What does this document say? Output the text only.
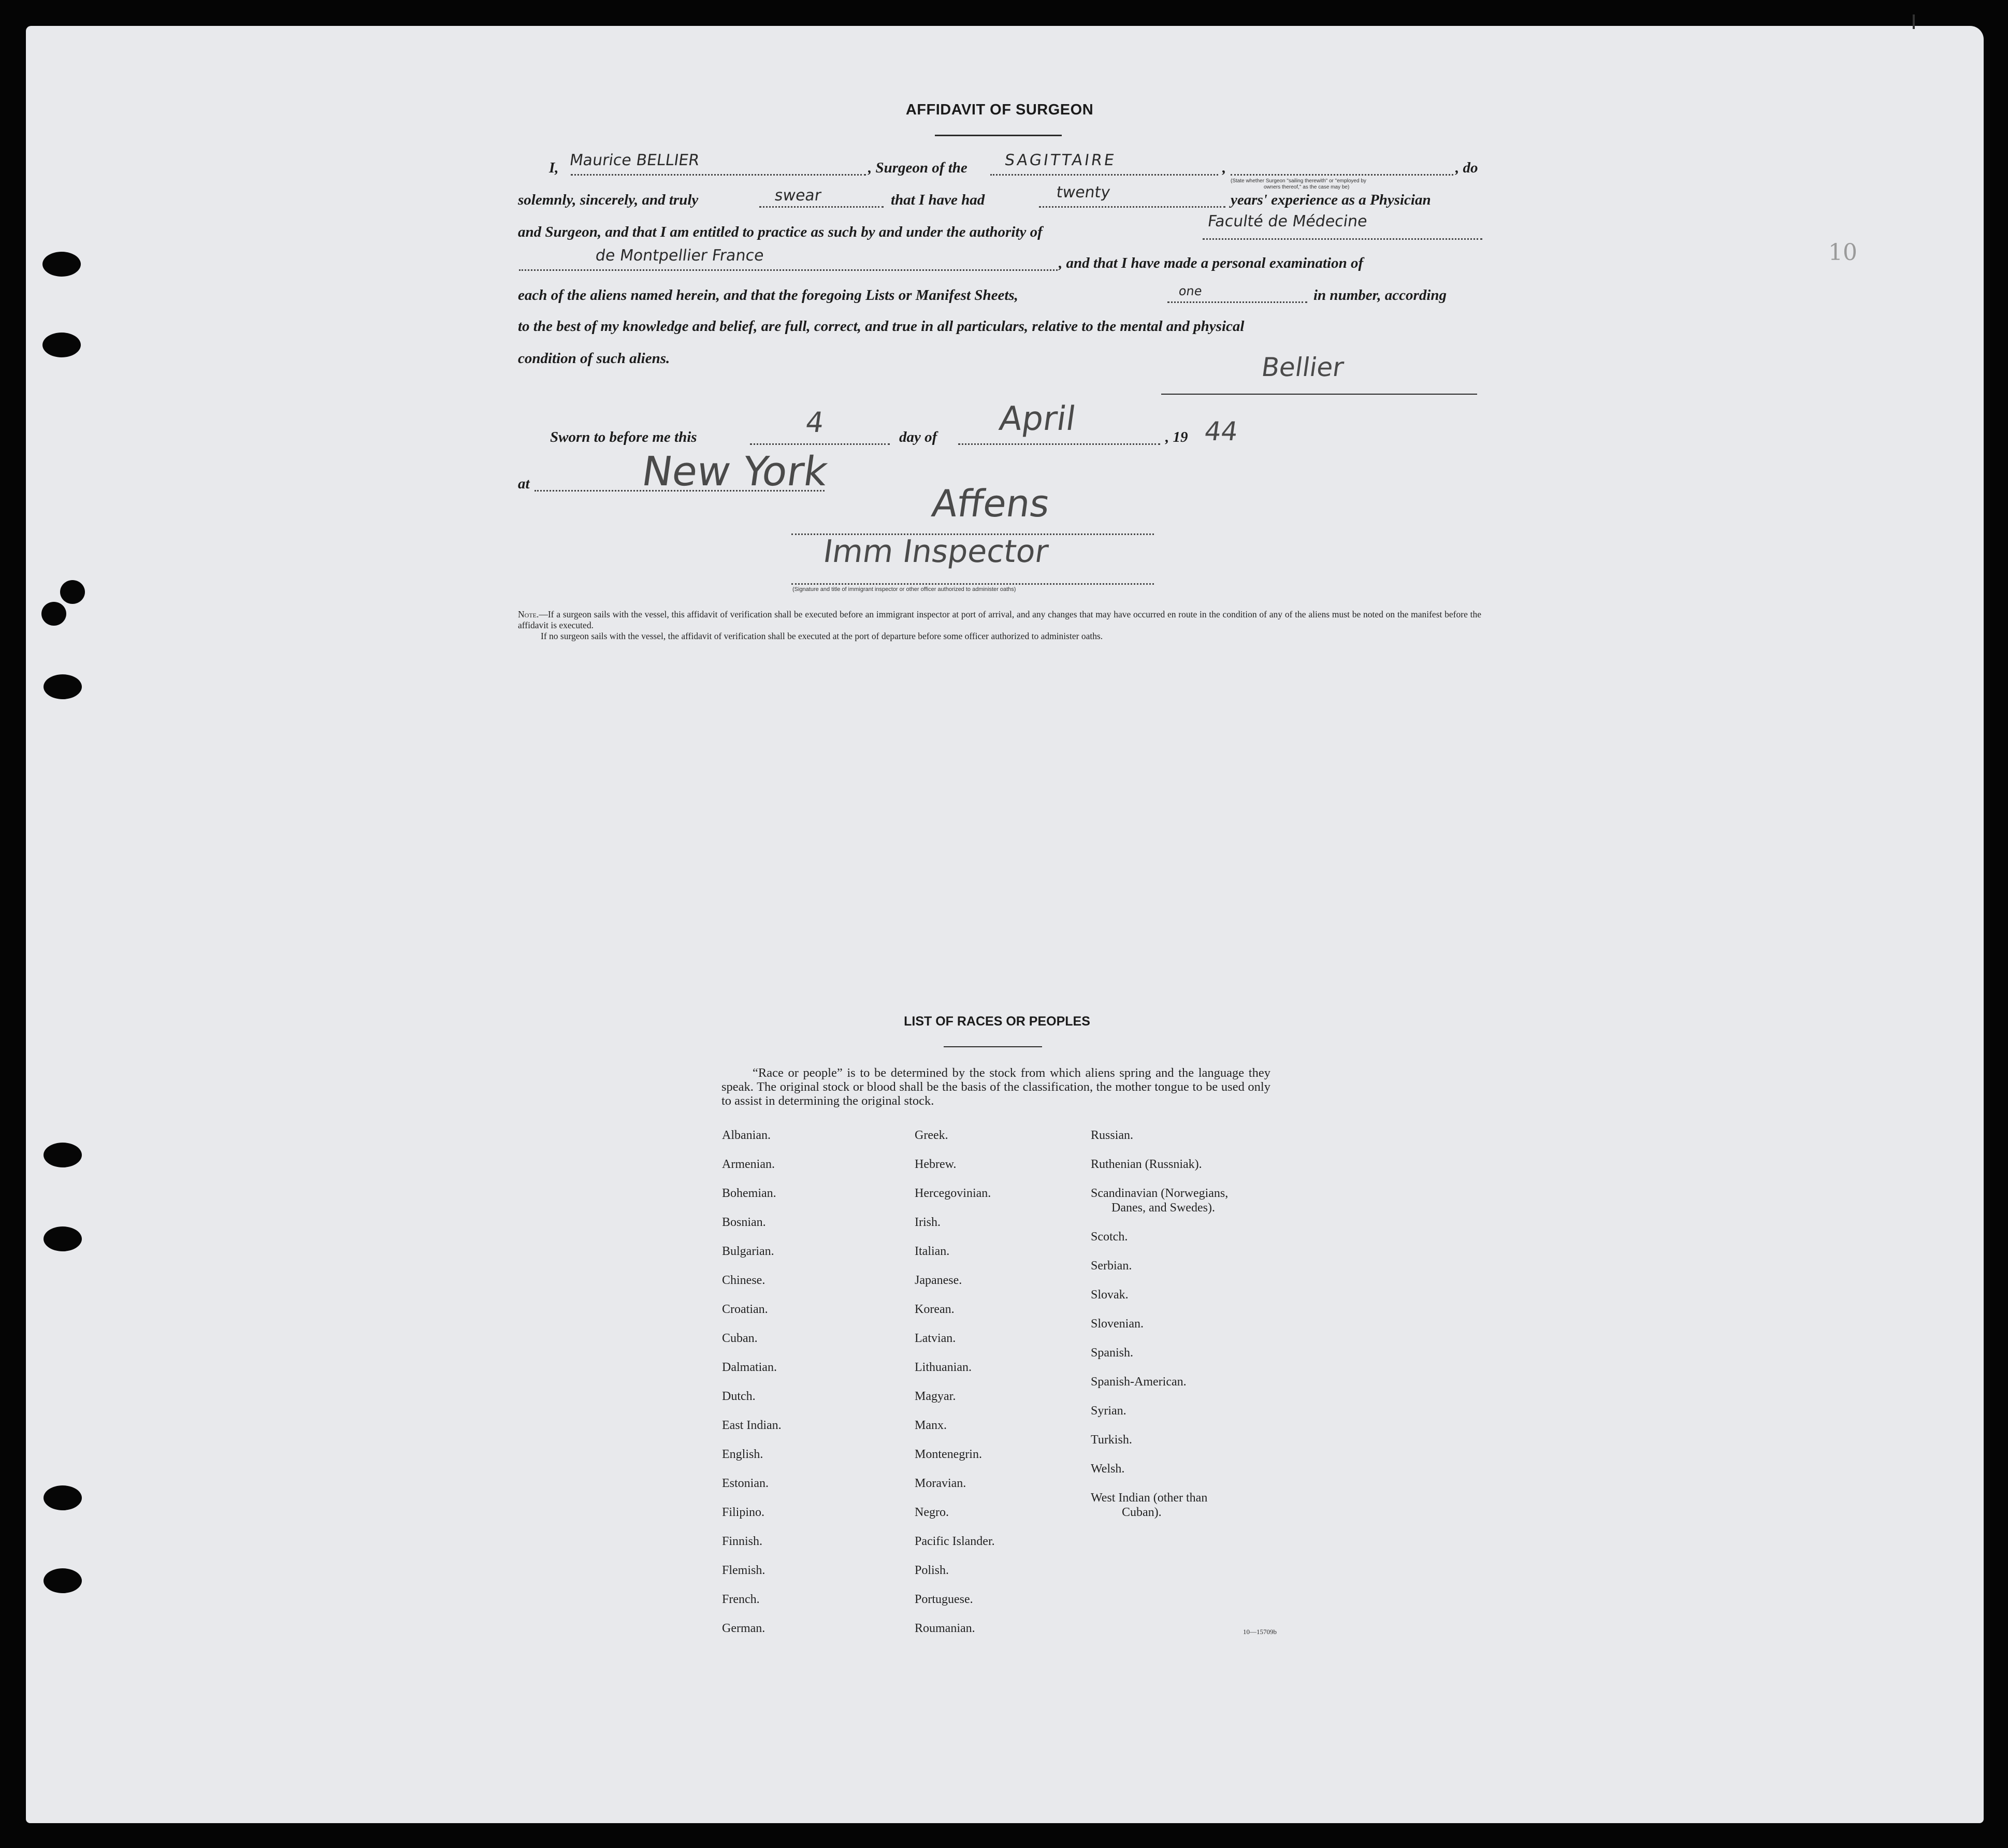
10
AFFIDAVIT OF SURGEON
I,	, Surgeon of the	,	, do
Maurice BELLIER	SAGITTAIRE
(State whether Surgeon "sailing therewith" or "employed by
owners thereof," as the case may be)
solemnly, sincerely, and truly	that I have had	years' experience as a Physician
swear	twenty
and Surgeon, and that I am entitled to practice as such by and under the authority of
Faculté de Médecine
, and that I have made a personal examination of
de Montpellier France
each of the aliens named herein, and that the foregoing Lists or Manifest Sheets,	in number, according
one
to the best of my knowledge and belief, are full, correct, and true in all particulars, relative to the mental and physical
condition of such aliens.	Bellier
Sworn to before me this	day of	, 19
4	April	44
at	New York
Affens
Imm Inspector
(Signature and title of immigrant inspector or other officer authorized to administer oaths)
Note.—If a surgeon sails with the vessel, this affidavit of verification shall be executed before an immigrant inspector at port of arrival, and any changes that may have occurred en route in the condition of any of the aliens must be noted on the manifest before the affidavit is executed.
If no surgeon sails with the vessel, the affidavit of verification shall be executed at the port of departure before some officer authorized to administer oaths.
LIST OF RACES OR PEOPLES
“Race or people” is to be determined by the stock from which aliens spring and the language they speak. The original stock or blood shall be the basis of the classification, the mother tongue to be used only to assist in determining the original stock.
Albanian.
Armenian.
Bohemian.
Bosnian.
Bulgarian.
Chinese.
Croatian.
Cuban.
Dalmatian.
Dutch.
East Indian.
English.
Estonian.
Filipino.
Finnish.
Flemish.
French.
German.
Greek.
Hebrew.
Hercegovinian.
Irish.
Italian.
Japanese.
Korean.
Latvian.
Lithuanian.
Magyar.
Manx.
Montenegrin.
Moravian.
Negro.
Pacific Islander.
Polish.
Portuguese.
Roumanian.
Russian.
Ruthenian (Russniak).
Scandinavian (Norwegians,
Danes, and Swedes).
Scotch.
Serbian.
Slovak.
Slovenian.
Spanish.
Spanish-American.
Syrian.
Turkish.
Welsh.
West Indian (other than
Cuban).
10—15709b
